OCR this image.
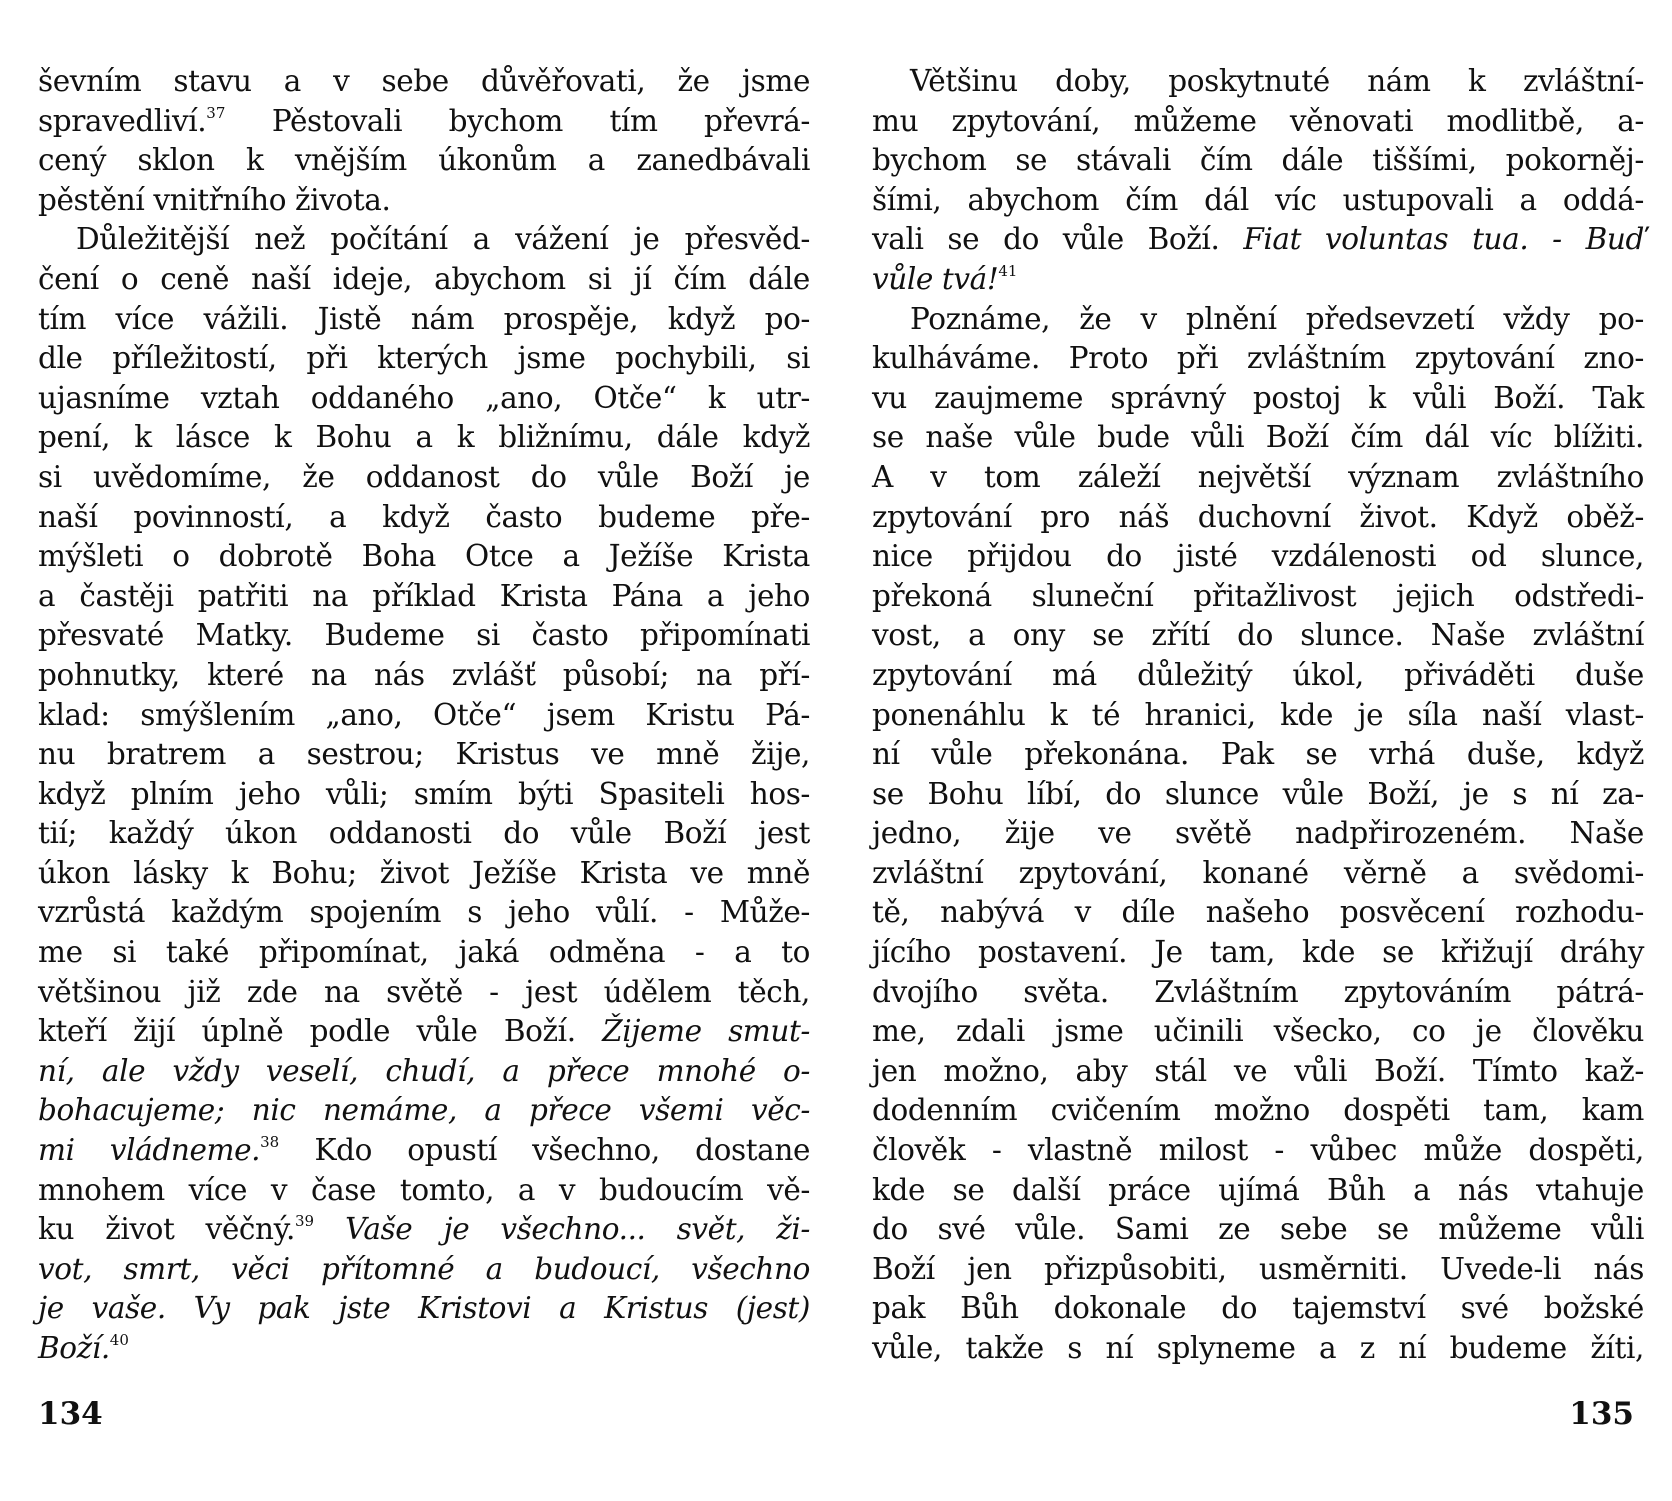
ševním stavu a v sebe důvěřovati, že jsme
spravedliví.$^{37}$ Pěstovali bychom tím převrá-
cený sklon k vnějším úkonům a zanedbávali
pěstění vnitřního života.
Důležitější než počítání a vážení je přesvěd-
čení o ceně naší ideje, abychom si jí čím dále
tím více vážili. Jistě nám prospěje, když po-
dle příležitostí, při kterých jsme pochybili, si
ujasníme vztah oddaného „ano, Otče“ k utr-
pení, k lásce k Bohu a k bližnímu, dále když
si uvědomíme, že oddanost do vůle Boží je
naší povinností, a když často budeme pře-
mýšleti o dobrotě Boha Otce a Ježíše Krista
a častěji patřiti na příklad Krista Pána a jeho
přesvaté Matky. Budeme si často připomínati
pohnutky, které na nás zvlášť působí; na pří-
klad: smýšlením „ano, Otče“ jsem Kristu Pá-
nu bratrem a sestrou; Kristus ve mně žije,
když plním jeho vůli; smím býti Spasiteli hos-
tií; každý úkon oddanosti do vůle Boží jest
úkon lásky k Bohu; život Ježíše Krista ve mně
vzrůstá každým spojením s jeho vůlí. - Může-
me si také připomínat, jaká odměna - a to
většinou již zde na světě - jest údělem těch,
kteří žijí úplně podle vůle Boží. Žijeme smut-
ní, ale vždy veselí, chudí, a přece mnohé o-
bohacujeme; nic nemáme, a přece všemi věc-
mi vládneme.$^{38}$ Kdo opustí všechno, dostane
mnohem více v čase tomto, a v budoucím vě-
ku život věčný.$^{39}$ Vaše je všechno... svět, ži-
vot, smrt, věci přítomné a budoucí, všechno
je vaše. Vy pak jste Kristovi a Kristus (jest)
Boží.$^{40}$
Většinu doby, poskytnuté nám k zvláštní-
mu zpytování, můžeme věnovati modlitbě, a-
bychom se stávali čím dále tiššími, pokorněj-
šími, abychom čím dál víc ustupovali a oddá-
vali se do vůle Boží. Fiat voluntas tua. - Buď
vůle tvá!$^{41}$
Poznáme, že v plnění předsevzetí vždy po-
kulháváme. Proto při zvláštním zpytování zno-
vu zaujmeme správný postoj k vůli Boží. Tak
se naše vůle bude vůli Boží čím dál víc blížiti.
A v tom záleží největší význam zvláštního
zpytování pro náš duchovní život. Když oběž-
nice přijdou do jisté vzdálenosti od slunce,
překoná sluneční přitažlivost jejich odstředi-
vost, a ony se zřítí do slunce. Naše zvláštní
zpytování má důležitý úkol, přiváděti duše
ponenáhlu k té hranici, kde je síla naší vlast-
ní vůle překonána. Pak se vrhá duše, když
se Bohu líbí, do slunce vůle Boží, je s ní za-
jedno, žije ve světě nadpřirozeném. Naše
zvláštní zpytování, konané věrně a svědomi-
tě, nabývá v díle našeho posvěcení rozhodu-
jícího postavení. Je tam, kde se křižují dráhy
dvojího světa. Zvláštním zpytováním pátrá-
me, zdali jsme učinili všecko, co je člověku
jen možno, aby stál ve vůli Boží. Tímto kaž-
dodenním cvičením možno dospěti tam, kam
člověk - vlastně milost - vůbec může dospěti,
kde se další práce ujímá Bůh a nás vtahuje
do své vůle. Sami ze sebe se můžeme vůli
Boží jen přizpůsobiti, usměrniti. Uvede-li nás
pak Bůh dokonale do tajemství své božské
vůle, takže s ní splyneme a z ní budeme žíti,
134	135
